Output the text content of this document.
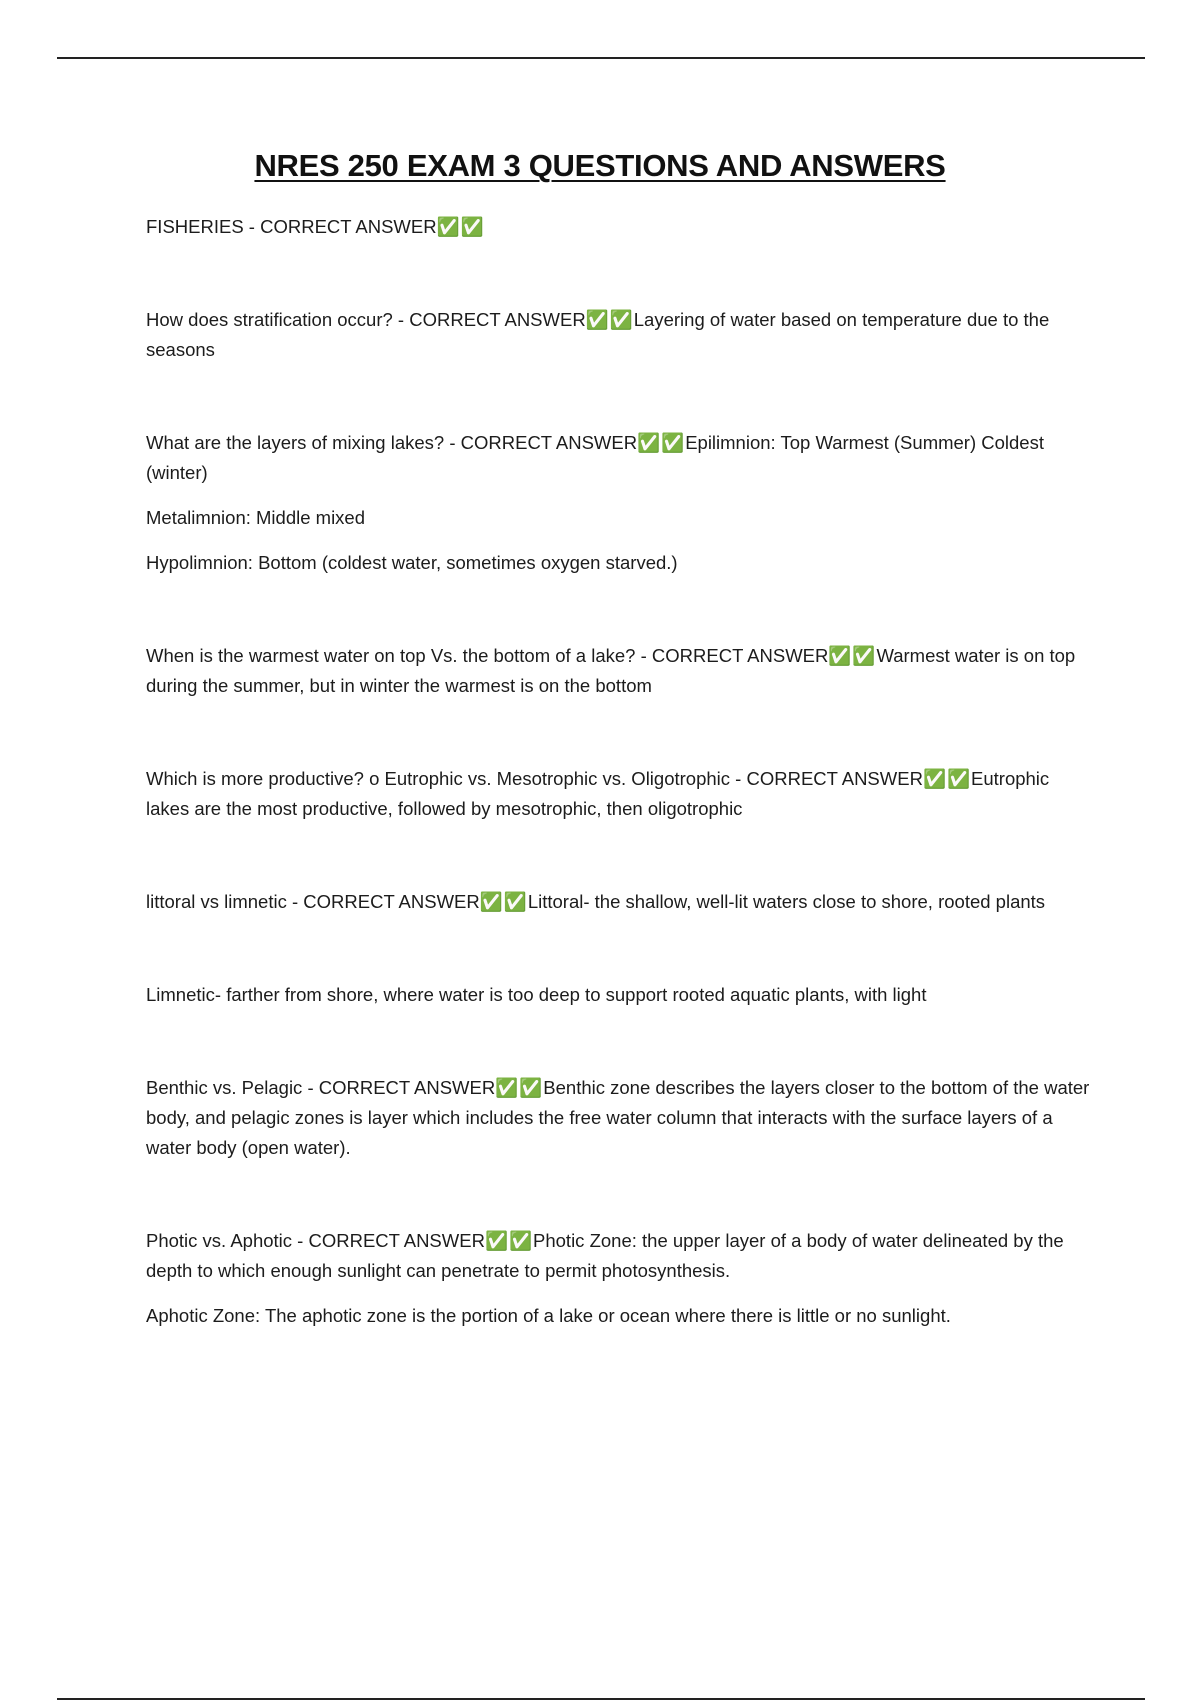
NRES 250 EXAM 3 QUESTIONS AND ANSWERS

FISHERIES - CORRECT ANSWER✅✅

How does stratification occur? - CORRECT ANSWER✅✅Layering of water based on temperature due to the seasons

What are the layers of mixing lakes? - CORRECT ANSWER✅✅Epilimnion: Top Warmest (Summer) Coldest (winter)

Metalimnion: Middle mixed

Hypolimnion: Bottom (coldest water, sometimes oxygen starved.)

When is the warmest water on top Vs. the bottom of a lake? - CORRECT ANSWER✅✅Warmest water is on top during the summer, but in winter the warmest is on the bottom

Which is more productive? o Eutrophic vs. Mesotrophic vs. Oligotrophic - CORRECT ANSWER✅✅Eutrophic lakes are the most productive, followed by mesotrophic, then oligotrophic

littoral vs limnetic - CORRECT ANSWER✅✅Littoral- the shallow, well-lit waters close to shore, rooted plants

Limnetic- farther from shore, where water is too deep to support rooted aquatic plants, with light

Benthic vs. Pelagic - CORRECT ANSWER✅✅Benthic zone describes the layers closer to the bottom of the water body, and pelagic zones is layer which includes the free water column that interacts with the surface layers of a water body (open water).

Photic vs. Aphotic - CORRECT ANSWER✅✅Photic Zone: the upper layer of a body of water delineated by the depth to which enough sunlight can penetrate to permit photosynthesis.

Aphotic Zone: The aphotic zone is the portion of a lake or ocean where there is little or no sunlight.
